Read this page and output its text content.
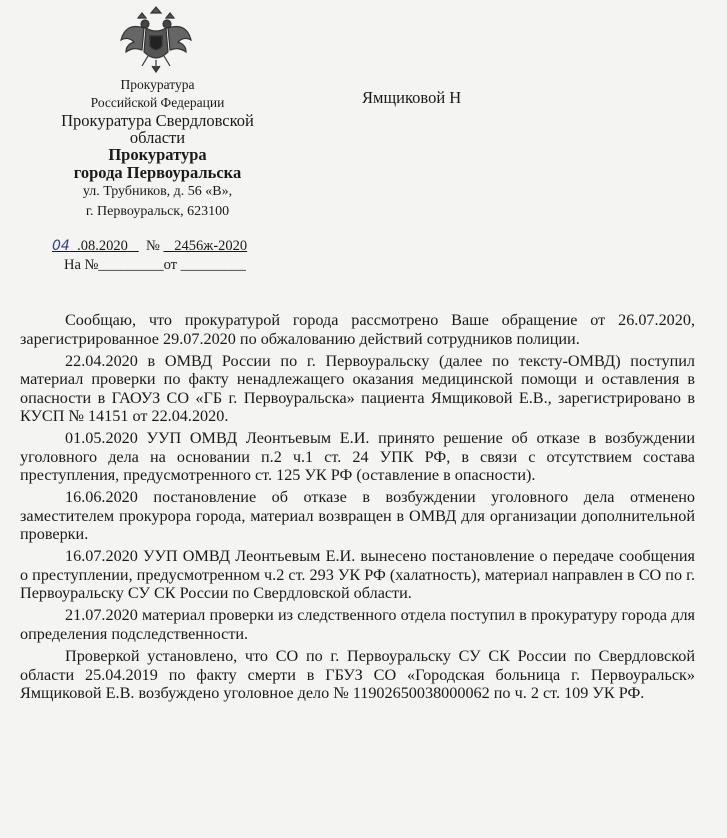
Прокуратура
Российской Федерации
Прокуратура Свердловской
области
Прокуратура
города Первоуральска
ул. Трубников, д. 56 «В»,
г. Первоуральск, 623100
Ямщиковой Н
04 .08.2020 № 2456ж-2020
На №_________от _________

Сообщаю, что прокуратурой города рассмотрено Ваше обращение от 26.07.2020, зарегистрированное 29.07.2020 по обжалованию действий сотрудников полиции.

22.04.2020 в ОМВД России по г. Первоуральску (далее по тексту-ОМВД) поступил материал проверки по факту ненадлежащего оказания медицинской помощи и оставления в опасности в ГАОУЗ СО «ГБ г. Первоуральска» пациента Ямщиковой Е.В., зарегистрировано в КУСП № 14151 от 22.04.2020.

01.05.2020 УУП ОМВД Леонтьевым Е.И. принято решение об отказе в возбуждении уголовного дела на основании п.2 ч.1 ст. 24 УПК РФ, в связи с отсутствием состава преступления, предусмотренного ст. 125 УК РФ (оставление в опасности).

16.06.2020 постановление об отказе в возбуждении уголовного дела отменено заместителем прокурора города, материал возвращен в ОМВД для организации дополнительной проверки.

16.07.2020 УУП ОМВД Леонтьевым Е.И. вынесено постановление о передаче сообщения о преступлении, предусмотренном ч.2 ст. 293 УК РФ (халатность), материал направлен в СО по г. Первоуральску СУ СК России по Свердловской области.

21.07.2020 материал проверки из следственного отдела поступил в прокуратуру города для определения подследственности.

Проверкой установлено, что СО по г. Первоуральску СУ СК России по Свердловской области 25.04.2019 по факту смерти в ГБУЗ СО «Городская больница г. Первоуральск» Ямщиковой Е.В. возбуждено уголовное дело № 11902650038000062 по ч. 2 ст. 109 УК РФ.
